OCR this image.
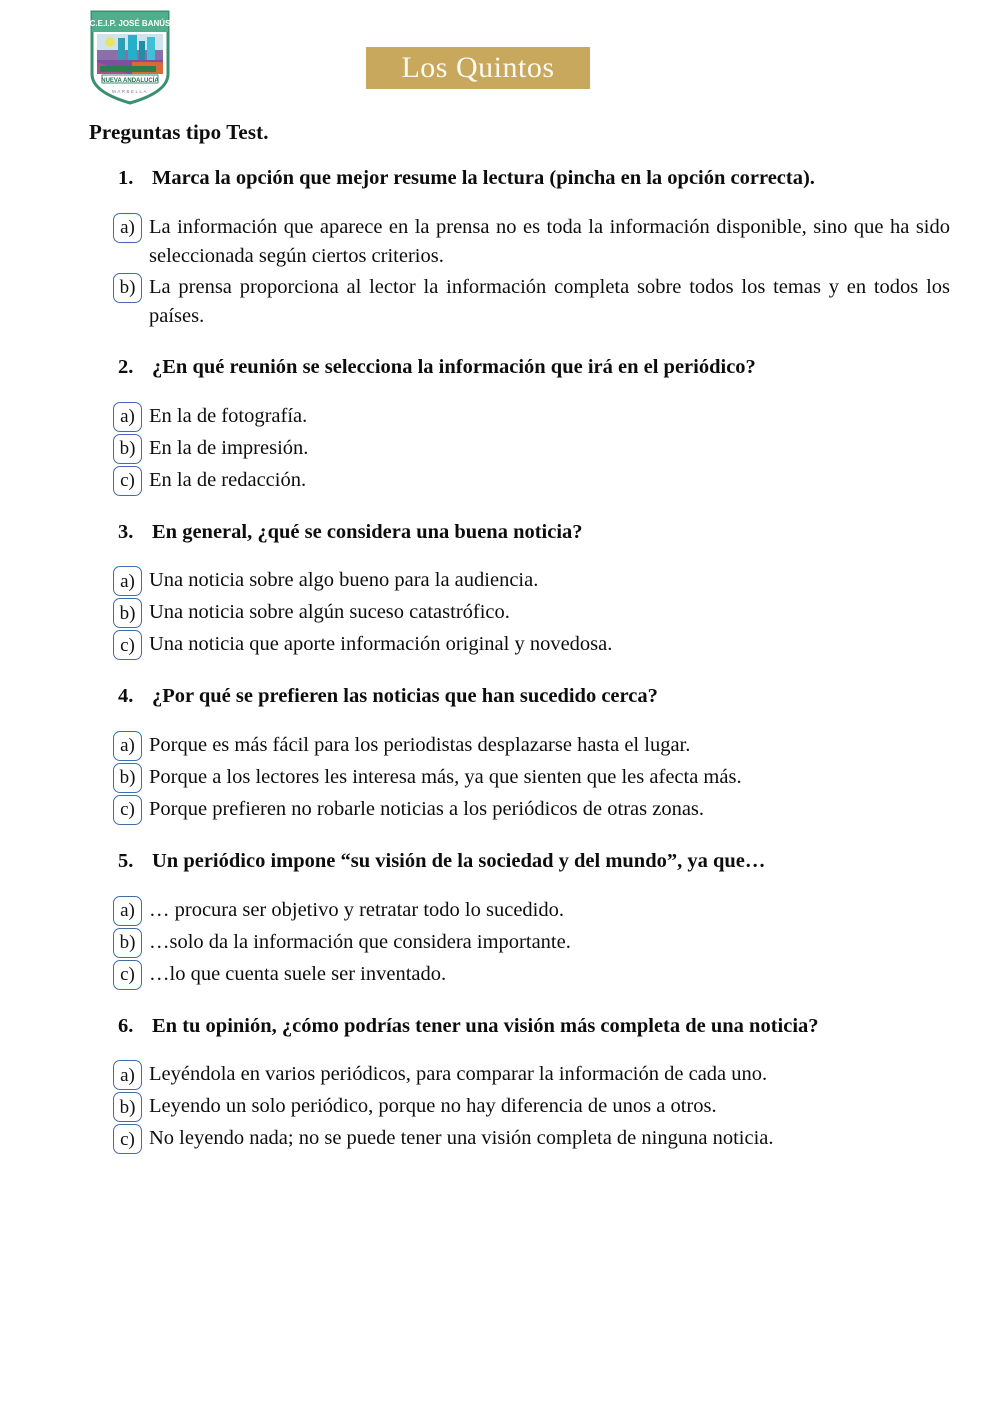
C.E.I.P. JOSÉ BANÚS
NUEVA ANDALUCÍA
MARBELLA
Los Quintos
Preguntas tipo Test.
1. Marca la opción que mejor resume la lectura (pincha en la opción correcta).
a) La información que aparece en la prensa no es toda la información disponible, sino que ha sido seleccionada según ciertos criterios.
b) La prensa proporciona al lector la información completa sobre todos los temas y en todos los países.
2. ¿En qué reunión se selecciona la información que irá en el periódico?
a) En la de fotografía.
b) En la de impresión.
c) En la de redacción.
3. En general, ¿qué se considera una buena noticia?
a) Una noticia sobre algo bueno para la audiencia.
b) Una noticia sobre algún suceso catastrófico.
c) Una noticia que aporte información original y novedosa.
4. ¿Por qué se prefieren las noticias que han sucedido cerca?
a) Porque es más fácil para los periodistas desplazarse hasta el lugar.
b) Porque a los lectores les interesa más, ya que sienten que les afecta más.
c) Porque prefieren no robarle noticias a los periódicos de otras zonas.
5. Un periódico impone “su visión de la sociedad y del mundo”, ya que…
a) … procura ser objetivo y retratar todo lo sucedido.
b) …solo da la información que considera importante.
c) …lo que cuenta suele ser inventado.
6. En tu opinión, ¿cómo podrías tener una visión más completa de una noticia?
a) Leyéndola en varios periódicos, para comparar la información de cada uno.
b) Leyendo un solo periódico, porque no hay diferencia de unos a otros.
c) No leyendo nada; no se puede tener una visión completa de ninguna noticia.
